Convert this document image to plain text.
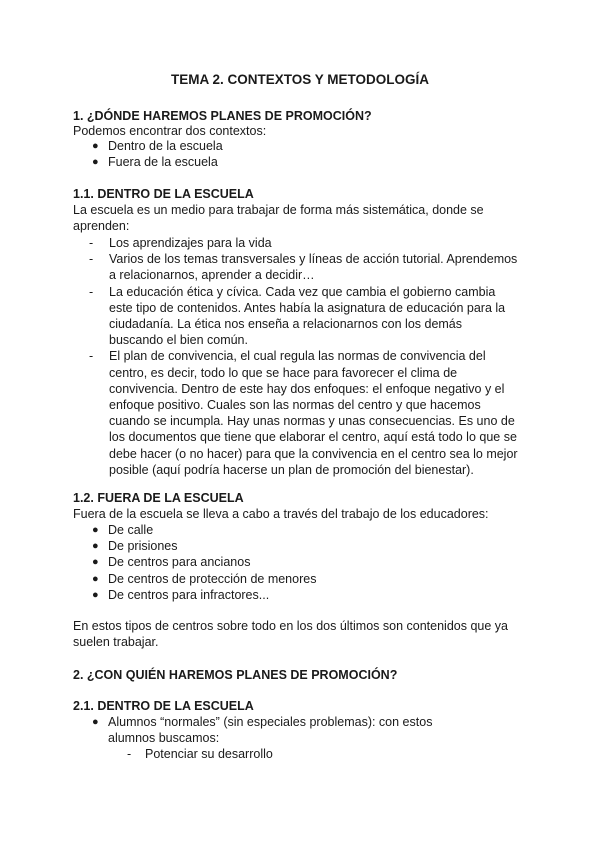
TEMA 2. CONTEXTOS Y METODOLOGÍA
1. ¿DÓNDE HAREMOS PLANES DE PROMOCIÓN?
Podemos encontrar dos contextos:
● Dentro de la escuela
● Fuera de la escuela
1.1. DENTRO DE LA ESCUELA
La escuela es un medio para trabajar de forma más sistemática, donde se aprenden:
- Los aprendizajes para la vida
- Varios de los temas transversales y líneas de acción tutorial. Aprendemos a relacionarnos, aprender a decidir…
- La educación ética y cívica. Cada vez que cambia el gobierno cambia este tipo de contenidos. Antes había la asignatura de educación para la ciudadanía. La ética nos enseña a relacionarnos con los demás buscando el bien común.
- El plan de convivencia, el cual regula las normas de convivencia del centro, es decir, todo lo que se hace para favorecer el clima de convivencia. Dentro de este hay dos enfoques: el enfoque negativo y el enfoque positivo. Cuales son las normas del centro y que hacemos cuando se incumpla. Hay unas normas y unas consecuencias. Es uno de los documentos que tiene que elaborar el centro, aquí está todo lo que se debe hacer (o no hacer) para que la convivencia en el centro sea lo mejor posible (aquí podría hacerse un plan de promoción del bienestar).
1.2. FUERA DE LA ESCUELA
Fuera de la escuela se lleva a cabo a través del trabajo de los educadores:
● De calle
● De prisiones
● De centros para ancianos
● De centros de protección de menores
● De centros para infractores...
En estos tipos de centros sobre todo en los dos últimos son contenidos que ya suelen trabajar.
2. ¿CON QUIÉN HAREMOS PLANES DE PROMOCIÓN?
2.1. DENTRO DE LA ESCUELA
● Alumnos “normales” (sin especiales problemas): con estos alumnos buscamos:
- Potenciar su desarrollo
